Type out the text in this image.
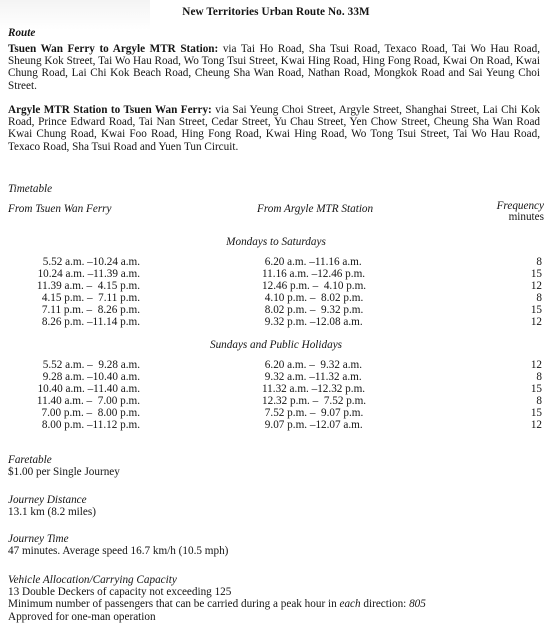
New Territories Urban Route No. 33M
Route
Tsuen Wan Ferry to Argyle MTR Station: via Tai Ho Road, Sha Tsui Road, Texaco Road, Tai Wo Hau Road, Sheung Kok Street, Tai Wo Hau Road, Wo Tong Tsui Street, Kwai Hing Road, Hing Fong Road, Kwai On Road, Kwai Chung Road, Lai Chi Kok Beach Road, Cheung Sha Wan Road, Nathan Road, Mongkok Road and Sai Yeung Choi Street.
Argyle MTR Station to Tsuen Wan Ferry: via Sai Yeung Choi Street, Argyle Street, Shanghai Street, Lai Chi Kok Road, Prince Edward Road, Tai Nan Street, Cedar Street, Yu Chau Street, Yen Chow Street, Cheung Sha Wan Road Kwai Chung Road, Kwai Foo Road, Hing Fong Road, Kwai Hing Road, Wo Tong Tsui Street, Tai Wo Hau Road, Texaco Road, Sha Tsui Road and Yuen Tun Circuit.
Timetable
From Tsuen Wan Ferry	From Argyle MTR Station	Frequency
minutes
Mondays to Saturdays
5.52 a.m. –10.24 a.m.	6.20 a.m. –11.16 a.m.	8
10.24 a.m. –11.39 a.m.	11.16 a.m. –12.46 p.m.	15
11.39 a.m. –  4.15 p.m.	12.46 p.m. –  4.10 p.m.	12
4.15 p.m. –  7.11 p.m.	4.10 p.m. –  8.02 p.m.	8
7.11 p.m. –  8.26 p.m.	8.02 p.m. –  9.32 p.m.	15
8.26 p.m. –11.14 p.m.	9.32 p.m. –12.08 a.m.	12
Sundays and Public Holidays
5.52 a.m. –  9.28 a.m.	6.20 a.m. –  9.32 a.m.	12
9.28 a.m. –10.40 a.m.	9.32 a.m. –11.32 a.m.	8
10.40 a.m. –11.40 a.m.	11.32 a.m. –12.32 p.m.	15
11.40 a.m. –  7.00 p.m.	12.32 p.m. –  7.52 p.m.	8
7.00 p.m. –  8.00 p.m.	7.52 p.m. –  9.07 p.m.	15
8.00 p.m. –11.12 p.m.	9.07 p.m. –12.07 a.m.	12
Faretable
$1.00 per Single Journey
Journey Distance
13.1 km (8.2 miles)
Journey Time
47 minutes. Average speed 16.7 km/h (10.5 mph)
Vehicle Allocation/Carrying Capacity
13 Double Deckers of capacity not exceeding 125
Minimum number of passengers that can be carried during a peak hour in each direction: 805
Approved for one-man operation
